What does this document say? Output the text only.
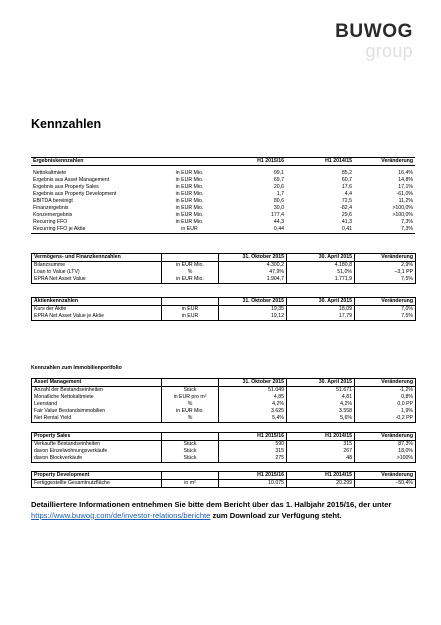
BUWOG
group
Kennzahlen
Ergebniskennzahlen		H1 2015/16	H1 2014/15	Veränderung

Nettokaltmiete	in EUR Mio.	99,1	85,2	16,4%
Ergebnis aus Asset Management	in EUR Mio.	69,7	60,7	14,8%
Ergebnis aus Property Sales	in EUR Mio.	20,6	17,6	17,1%
Ergebnis aus Property Development	in EUR Mio.	1,7	4,4	-61,0%
EBITDA bereinigt	in EUR Mio.	80,6	72,5	11,2%
Finanzergebnis	in EUR Mio.	30,0	-82,4	>100,0%
Konzernergebnis	in EUR Mio.	177,4	29,6	>100,0%
Recurring FFO	in EUR Mio.	44,3	41,3	7,3%
Recurring FFO je Aktie	in EUR	0,44	0,41	7,3%
Vermögens- und Finanzkennzahlen		31. Oktober 2015	30. April 2015	Veränderung
Bilanzsumme	in EUR Mio.	4.300,2	4.180,8	2,9%
Loan to Value (LTV)	%	47,9%	51,0%	–3,1 PP
EPRA Net Asset Value	in EUR Mio.	1.904,7	1.771,9	7,5%
Aktienkennzahlen		31. Oktober 2015	30. April 2015	Veränderung
Kurs der Aktie	in EUR	19,35	18,09	7,0%
EPRA Net Asset Value je Aktie	in EUR	19,12	17,79	7,5%
Kennzahlen zum Immobilienportfolio
Asset Management		31. Oktober 2015	30. April 2015	Veränderung
Anzahl der Bestandseinheiten	Stück	51.049	51.671	-1,2%
Monatliche Nettokaltmiete	in EUR pro m²	4,85	4,81	0,8%
Leerstand	%	4,2%	4,2%	0,0 PP
Fair Value Bestandsimmobilien	in EUR Mio.	3.625	3.558	1,9%
Net Rental Yield	%	5,4%	5,6%	-0,2 PP
Property Sales		H1 2015/16	H1 2014/15	Veränderung
Verkaufte Bestandseinheiten	Stück	590	315	87,3%
davon Einzelwohnungsverkäufe	Stück	315	267	18,0%
davon Blockverkäufe	Stück	275	48	>100%
Property Development		H1 2015/16	H1 2014/15	Veränderung
Fertiggestellte Gesamtnutzfläche	in m²	10.075	20.299	−50,4%
Detailliertere Informationen entnehmen Sie bitte dem Bericht über das 1. Halbjahr 2015/16, der unter https://www.buwog.com/de/investor-relations/berichte zum Download zur Verfügung steht.
